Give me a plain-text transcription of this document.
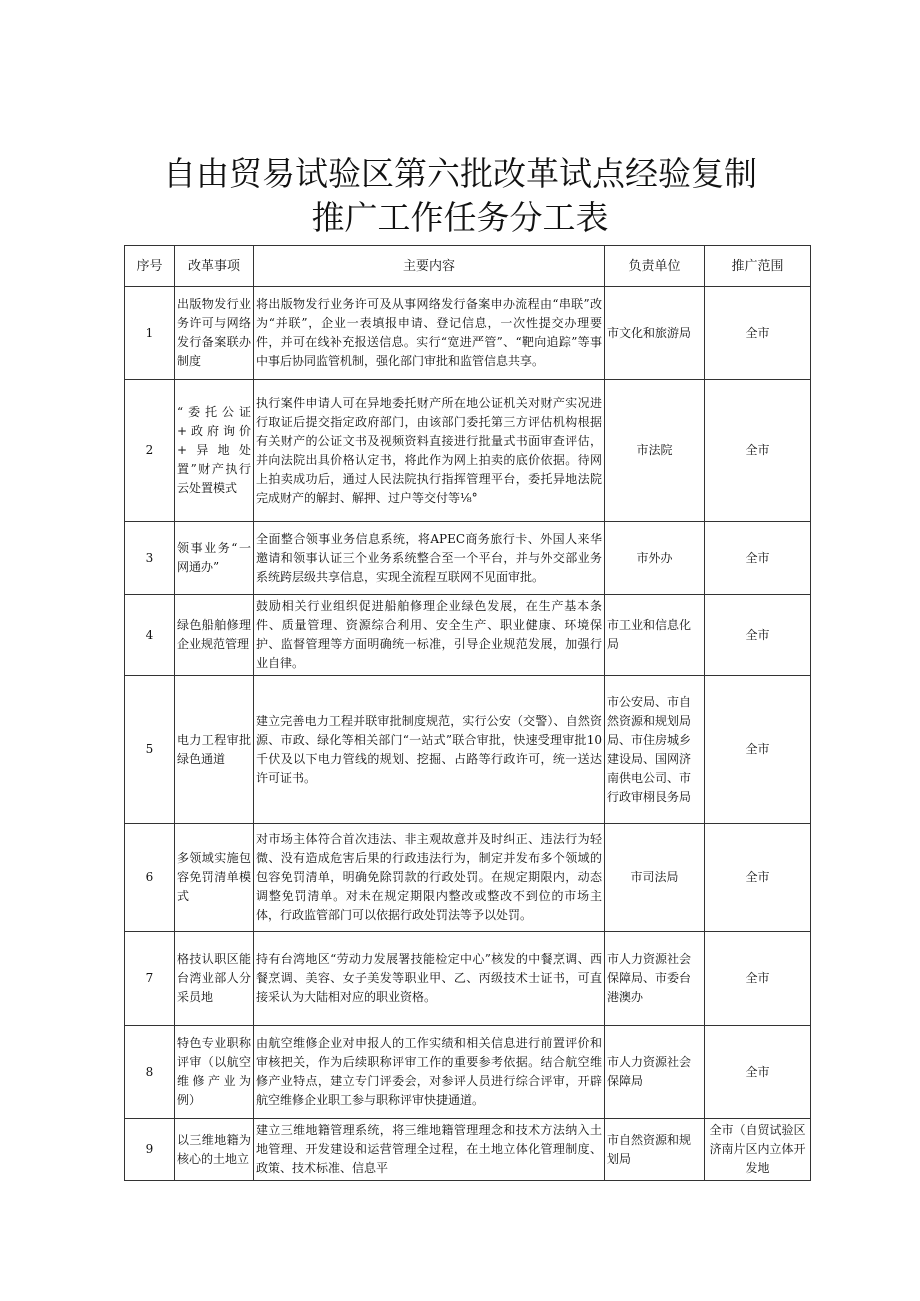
自由贸易试验区第六批改革试点经验复制
推广工作任务分工表
序号	改革事项	主要内容	负责单位	推广范围
1	出版物发行业务许可与网络发行备案联办制度	将出版物发行业务许可及从事网络发行备案申办流程由“串联”改为“并联”，企业一表填报申请、登记信息，一次性提交办理要件，并可在线补充报送信息。实行“宽进严管”、“靶向追踪”等事中事后协同监管机制，强化部门审批和监管信息共享。	市文化和旅游局	全市
2	“委托公证+政府询价+异地处置”财产执行云处置模式	执行案件申请人可在异地委托财产所在地公证机关对财产实况进行取证后提交指定政府部门，由该部门委托第三方评估机构根据有关财产的公证文书及视频资料直接进行批量式书面审查评估，并向法院出具价格认定书，将此作为网上拍卖的底价依据。待网上拍卖成功后，通过人民法院执行指挥管理平台，委托异地法院完成财产的解封、解押、过户等交付等⅛°	市法院	全市
3	领事业务“一网通办”	全面整合领事业务信息系统，将APEC商务旅行卡、外国人来华邀请和领事认证三个业务系统整合至一个平台，并与外交部业务系统跨层级共享信息，实现全流程互联网不见面审批。	市外办	全市
4	绿色船舶修理企业规范管理	鼓励相关行业组织促进船舶修理企业绿色发展，在生产基本条件、质量管理、资源综合利用、安全生产、职业健康、环境保护、监督管理等方面明确统一标准，引导企业规范发展，加强行业自律。	市工业和信息化局	全市
5	电力工程审批绿色通道	建立完善电力工程并联审批制度规范，实行公安（交警）、自然资源、市政、绿化等相关部门“一站式”联合审批，快速受理审批10千伏及以下电力管线的规划、挖掘、占路等行政许可，统一送达许可证书。	市公安局、市自然资源和规划局局、市住房城乡建设局、国网济南供电公司、市行政审栩艮务局	全市
6	多领域实施包容免罚清单模式	对市场主体符合首次违法、非主观故意并及时纠正、违法行为轻微、没有造成危害后果的行政违法行为，制定并发布多个领域的包容免罚清单，明确免除罚款的行政处罚。在规定期限内，动态调整免罚清单。对未在规定期限内整改或整改不到位的市场主体，行政监管部门可以依据行政处罚法等予以处罚。	市司法局	全市
7	格技认职区能台湾业部人分采员地	持有台湾地区“劳动力发展署技能检定中心”核发的中餐烹调、西餐烹调、美容、女子美发等职业甲、乙、丙级技术士证书，可直接采认为大陆相对应的职业资格。	市人力资源社会保障局、市委台港澳办	全市
8	特色专业职称评审（以航空维修产业为例）	由航空维修企业对申报人的工作实绩和相关信息进行前置评价和审核把关，作为后续职称评审工作的重要参考依据。结合航空维修产业特点，建立专门评委会，对参评人员进行综合评审，开辟航空维修企业职工参与职称评审快捷通道。	市人力资源社会保障局	全市
9	以三维地籍为核心的土地立	建立三维地籍管理系统，将三维地籍管理理念和技术方法纳入土地管理、开发建设和运营管理全过程，在土地立体化管理制度、政策、技术标准、信息平	市自然资源和规划局	全市（自贸试验区济南片区内立体开发地
